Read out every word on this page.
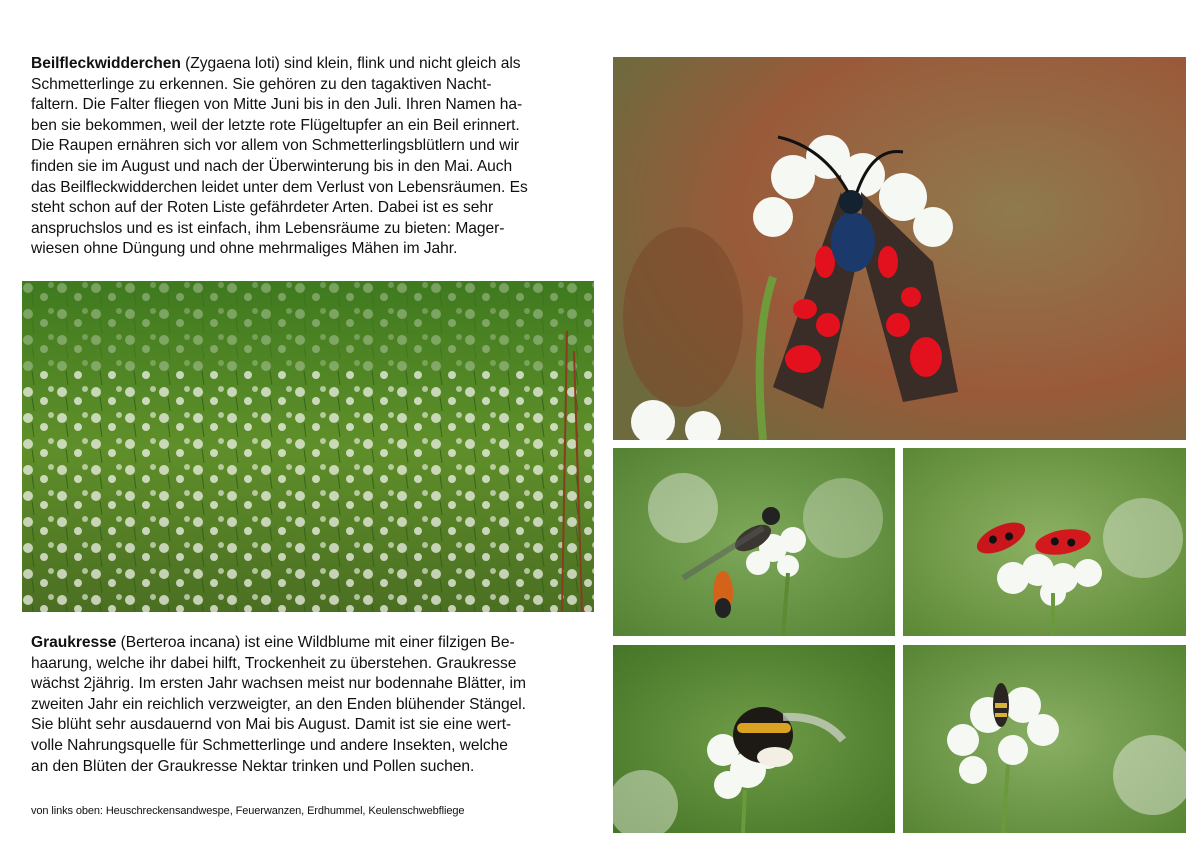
Beilfleckwidderchen (Zygaena loti) sind klein, flink und nicht gleich als
Schmetterlinge zu erkennen. Sie gehören zu den tagaktiven Nacht-
faltern. Die Falter fliegen von Mitte Juni bis in den Juli. Ihren Namen ha-
ben sie bekommen, weil der letzte rote Flügeltupfer an ein Beil erinnert.
Die Raupen ernähren sich vor allem von Schmetterlingsblütlern und wir
finden sie im August und nach der Überwinterung bis in den Mai. Auch
das Beilfleckwidderchen leidet unter dem Verlust von Lebensräumen. Es
steht schon auf der Roten Liste gefährdeter Arten. Dabei ist es sehr
anspruchslos und es ist einfach, ihm Lebensräume zu bieten: Mager-
wiesen ohne Düngung und ohne mehrmaliges Mähen im Jahr.

Graukresse (Berteroa incana) ist eine Wildblume mit einer filzigen Be-
haarung, welche ihr dabei hilft, Trockenheit zu überstehen. Graukresse
wächst 2jährig. Im ersten Jahr wachsen meist nur bodennahe Blätter, im
zweiten Jahr ein reichlich verzweigter, an den Enden blühender Stängel.
Sie blüht sehr ausdauernd von Mai bis August. Damit ist sie eine wert-
volle Nahrungsquelle für Schmetterlinge und andere Insekten, welche
an den Blüten der Graukresse Nektar trinken und Pollen suchen.

von links oben: Heuschreckensandwespe, Feuerwanzen, Erdhummel, Keulenschwebfliege
